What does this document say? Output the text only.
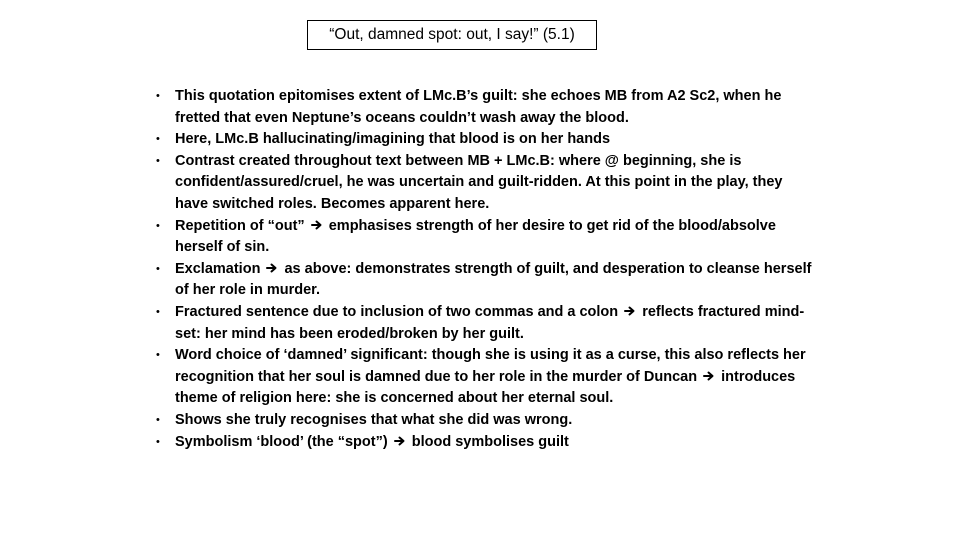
“Out, damned spot: out, I say!” (5.1)
• This quotation epitomises extent of LMc.B’s guilt: she echoes MB from A2 Sc2, when he fretted that even Neptune’s oceans couldn’t wash away the blood.
• Here, LMc.B hallucinating/imagining that blood is on her hands
• Contrast created throughout text between MB + LMc.B: where @ beginning, she is confident/assured/cruel, he was uncertain and guilt-ridden. At this point in the play, they have switched roles. Becomes apparent here.
• Repetition of “out” emphasises strength of her desire to get rid of the blood/absolve herself of sin.
• Exclamation as above: demonstrates strength of guilt, and desperation to cleanse herself of her role in murder.
• Fractured sentence due to inclusion of two commas and a colon reflects fractured mind-set: her mind has been eroded/broken by her guilt.
• Word choice of ‘damned’ significant: though she is using it as a curse, this also reflects her recognition that her soul is damned due to her role in the murder of Duncan introduces theme of religion here: she is concerned about her eternal soul.
• Shows she truly recognises that what she did was wrong.
• Symbolism ‘blood’ (the “spot”) blood symbolises guilt
